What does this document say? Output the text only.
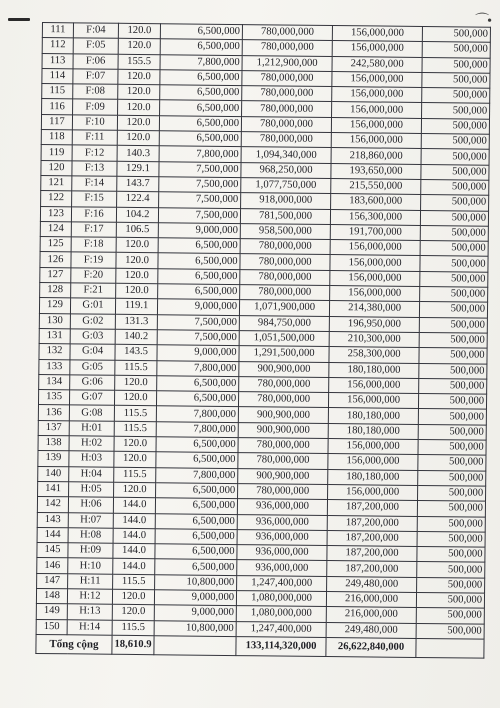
⌒•
111	F:04	120.0	6,500,000	780,000,000	156,000,000	500,000
112	F:05	120.0	6,500,000	780,000,000	156,000,000	500,000
113	F:06	155.5	7,800,000	1,212,900,000	242,580,000	500,000
114	F:07	120.0	6,500,000	780,000,000	156,000,000	500,000
115	F:08	120.0	6,500,000	780,000,000	156,000,000	500,000
116	F:09	120.0	6,500,000	780,000,000	156,000,000	500,000
117	F:10	120.0	6,500,000	780,000,000	156,000,000	500,000
118	F:11	120.0	6,500,000	780,000,000	156,000,000	500,000
119	F:12	140.3	7,800,000	1,094,340,000	218,860,000	500,000
120	F:13	129.1	7,500,000	968,250,000	193,650,000	500,000
121	F:14	143.7	7,500,000	1,077,750,000	215,550,000	500,000
122	F:15	122.4	7,500,000	918,000,000	183,600,000	500,000
123	F:16	104.2	7,500,000	781,500,000	156,300,000	500,000
124	F:17	106.5	9,000,000	958,500,000	191,700,000	500,000
125	F:18	120.0	6,500,000	780,000,000	156,000,000	500,000
126	F:19	120.0	6,500,000	780,000,000	156,000,000	500,000
127	F:20	120.0	6,500,000	780,000,000	156,000,000	500,000
128	F:21	120.0	6,500,000	780,000,000	156,000,000	500,000
129	G:01	119.1	9,000,000	1,071,900,000	214,380,000	500,000
130	G:02	131.3	7,500,000	984,750,000	196,950,000	500,000
131	G:03	140.2	7,500,000	1,051,500,000	210,300,000	500,000
132	G:04	143.5	9,000,000	1,291,500,000	258,300,000	500,000
133	G:05	115.5	7,800,000	900,900,000	180,180,000	500,000
134	G:06	120.0	6,500,000	780,000,000	156,000,000	500,000
135	G:07	120.0	6,500,000	780,000,000	156,000,000	500,000
136	G:08	115.5	7,800,000	900,900,000	180,180,000	500,000
137	H:01	115.5	7,800,000	900,900,000	180,180,000	500,000
138	H:02	120.0	6,500,000	780,000,000	156,000,000	500,000
139	H:03	120.0	6,500,000	780,000,000	156,000,000	500,000
140	H:04	115.5	7,800,000	900,900,000	180,180,000	500,000
141	H:05	120.0	6,500,000	780,000,000	156,000,000	500,000
142	H:06	144.0	6,500,000	936,000,000	187,200,000	500,000
143	H:07	144.0	6,500,000	936,000,000	187,200,000	500,000
144	H:08	144.0	6,500,000	936,000,000	187,200,000	500,000
145	H:09	144.0	6,500,000	936,000,000	187,200,000	500,000
146	H:10	144.0	6,500,000	936,000,000	187,200,000	500,000
147	H:11	115.5	10,800,000	1,247,400,000	249,480,000	500,000
148	H:12	120.0	9,000,000	1,080,000,000	216,000,000	500,000
149	H:13	120.0	9,000,000	1,080,000,000	216,000,000	500,000
150	H:14	115.5	10,800,000	1,247,400,000	249,480,000	500,000
Tổng cộng		18,610.9		133,114,320,000	26,622,840,000	
